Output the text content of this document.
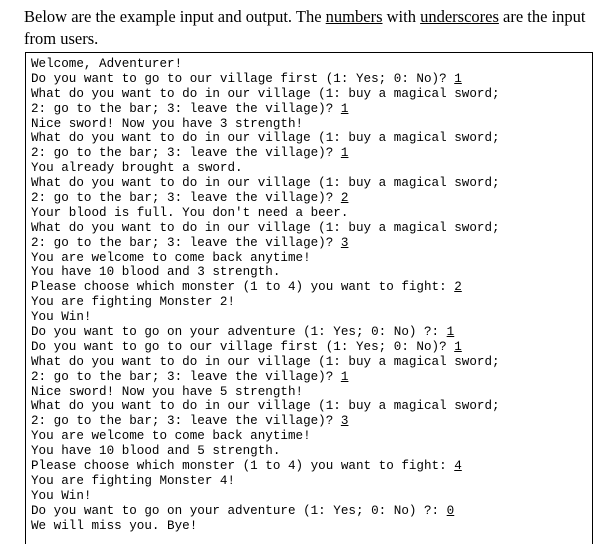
Below are the example input and output. The numbers with underscores are the input from users.

Welcome, Adventurer!
Do you want to go to our village first (1: Yes; 0: No)? 1
What do you want to do in our village (1: buy a magical sword;
2: go to the bar; 3: leave the village)? 1
Nice sword! Now you have 3 strength!
What do you want to do in our village (1: buy a magical sword;
2: go to the bar; 3: leave the village)? 1
You already brought a sword.
What do you want to do in our village (1: buy a magical sword;
2: go to the bar; 3: leave the village)? 2
Your blood is full. You don't need a beer.
What do you want to do in our village (1: buy a magical sword;
2: go to the bar; 3: leave the village)? 3
You are welcome to come back anytime!
You have 10 blood and 3 strength.
Please choose which monster (1 to 4) you want to fight: 2
You are fighting Monster 2!
You Win!
Do you want to go on your adventure (1: Yes; 0: No) ?: 1
Do you want to go to our village first (1: Yes; 0: No)? 1
What do you want to do in our village (1: buy a magical sword;
2: go to the bar; 3: leave the village)? 1
Nice sword! Now you have 5 strength!
What do you want to do in our village (1: buy a magical sword;
2: go to the bar; 3: leave the village)? 3
You are welcome to come back anytime!
You have 10 blood and 5 strength.
Please choose which monster (1 to 4) you want to fight: 4
You are fighting Monster 4!
You Win!
Do you want to go on your adventure (1: Yes; 0: No) ?: 0
We will miss you. Bye!
